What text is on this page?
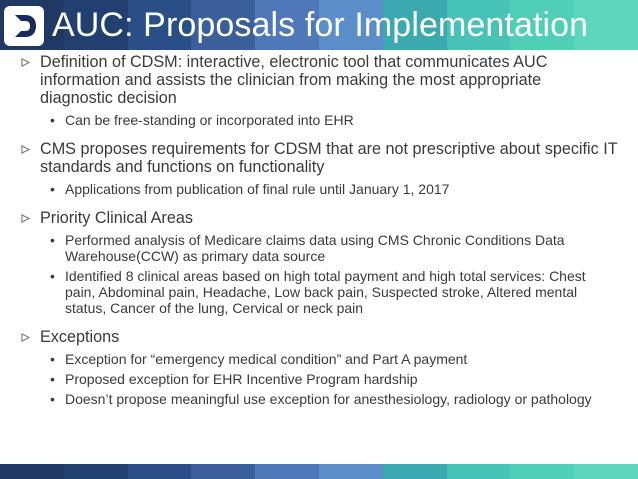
AUC: Proposals for Implementation
Definition of CDSM: interactive, electronic tool that communicates AUC information and assists the clinician from making the most appropriate diagnostic decision
• Can be free-standing or incorporated into EHR
CMS proposes requirements for CDSM that are not prescriptive about specific IT standards and functions on functionality
• Applications from publication of final rule until January 1, 2017
Priority Clinical Areas
• Performed analysis of Medicare claims data using CMS Chronic Conditions Data Warehouse(CCW) as primary data source
• Identified 8 clinical areas based on high total payment and high total services: Chest pain, Abdominal pain, Headache, Low back pain, Suspected stroke, Altered mental status, Cancer of the lung, Cervical or neck pain
Exceptions
• Exception for “emergency medical condition” and Part A payment
• Proposed exception for EHR Incentive Program hardship
• Doesn’t propose meaningful use exception for anesthesiology, radiology or pathology
